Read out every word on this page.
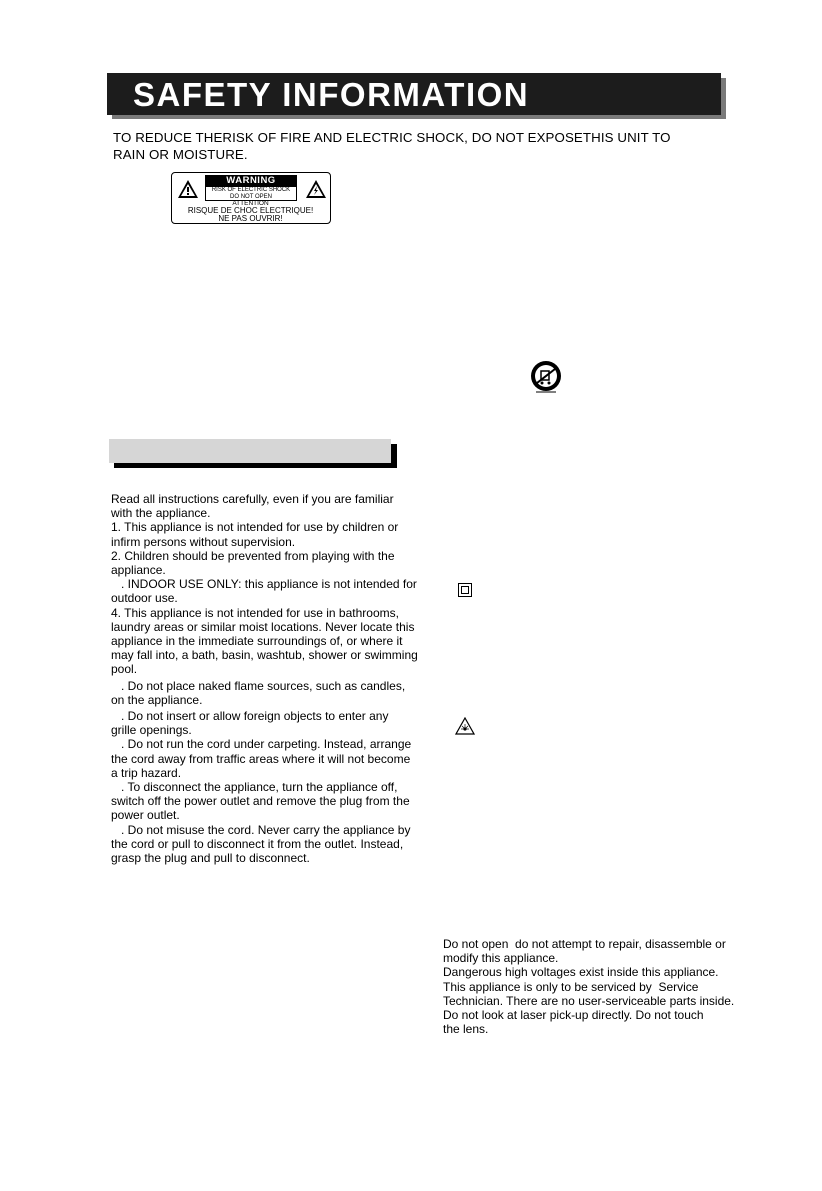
SAFETY INFORMATION
TO REDUCE THERISK OF FIRE AND ELECTRIC SHOCK, DO NOT EXPOSETHIS UNIT TO
RAIN OR MOISTURE.
WARNING
RISK OF ELECTRIC SHOCK
DO NOT OPEN
ATTENTION
RISQUE DE CHOC ELECTRIQUE!
NE PAS OUVRIR!
Read all instructions carefully, even if you are familiar
with the appliance.
1. This appliance is not intended for use by children or
infirm persons without supervision.
2. Children should be prevented from playing with the
appliance.
. INDOOR USE ONLY: this appliance is not intended for
outdoor use.
4. This appliance is not intended for use in bathrooms,
laundry areas or similar moist locations. Never locate this
appliance in the immediate surroundings of, or where it
may fall into, a bath, basin, washtub, shower or swimming
pool.
. Do not place naked flame sources, such as candles,
on the appliance.
. Do not insert or allow foreign objects to enter any
grille openings.
. Do not run the cord under carpeting. Instead, arrange
the cord away from traffic areas where it will not become
a trip hazard.
. To disconnect the appliance, turn the appliance off,
switch off the power outlet and remove the plug from the
power outlet.
. Do not misuse the cord. Never carry the appliance by
the cord or pull to disconnect it from the outlet. Instead,
grasp the plug and pull to disconnect.
Do not open  do not attempt to repair, disassemble or
modify this appliance.
Dangerous high voltages exist inside this appliance.
This appliance is only to be serviced by  Service
Technician. There are no user-serviceable parts inside.
Do not look at laser pick-up directly. Do not touch
the lens.
